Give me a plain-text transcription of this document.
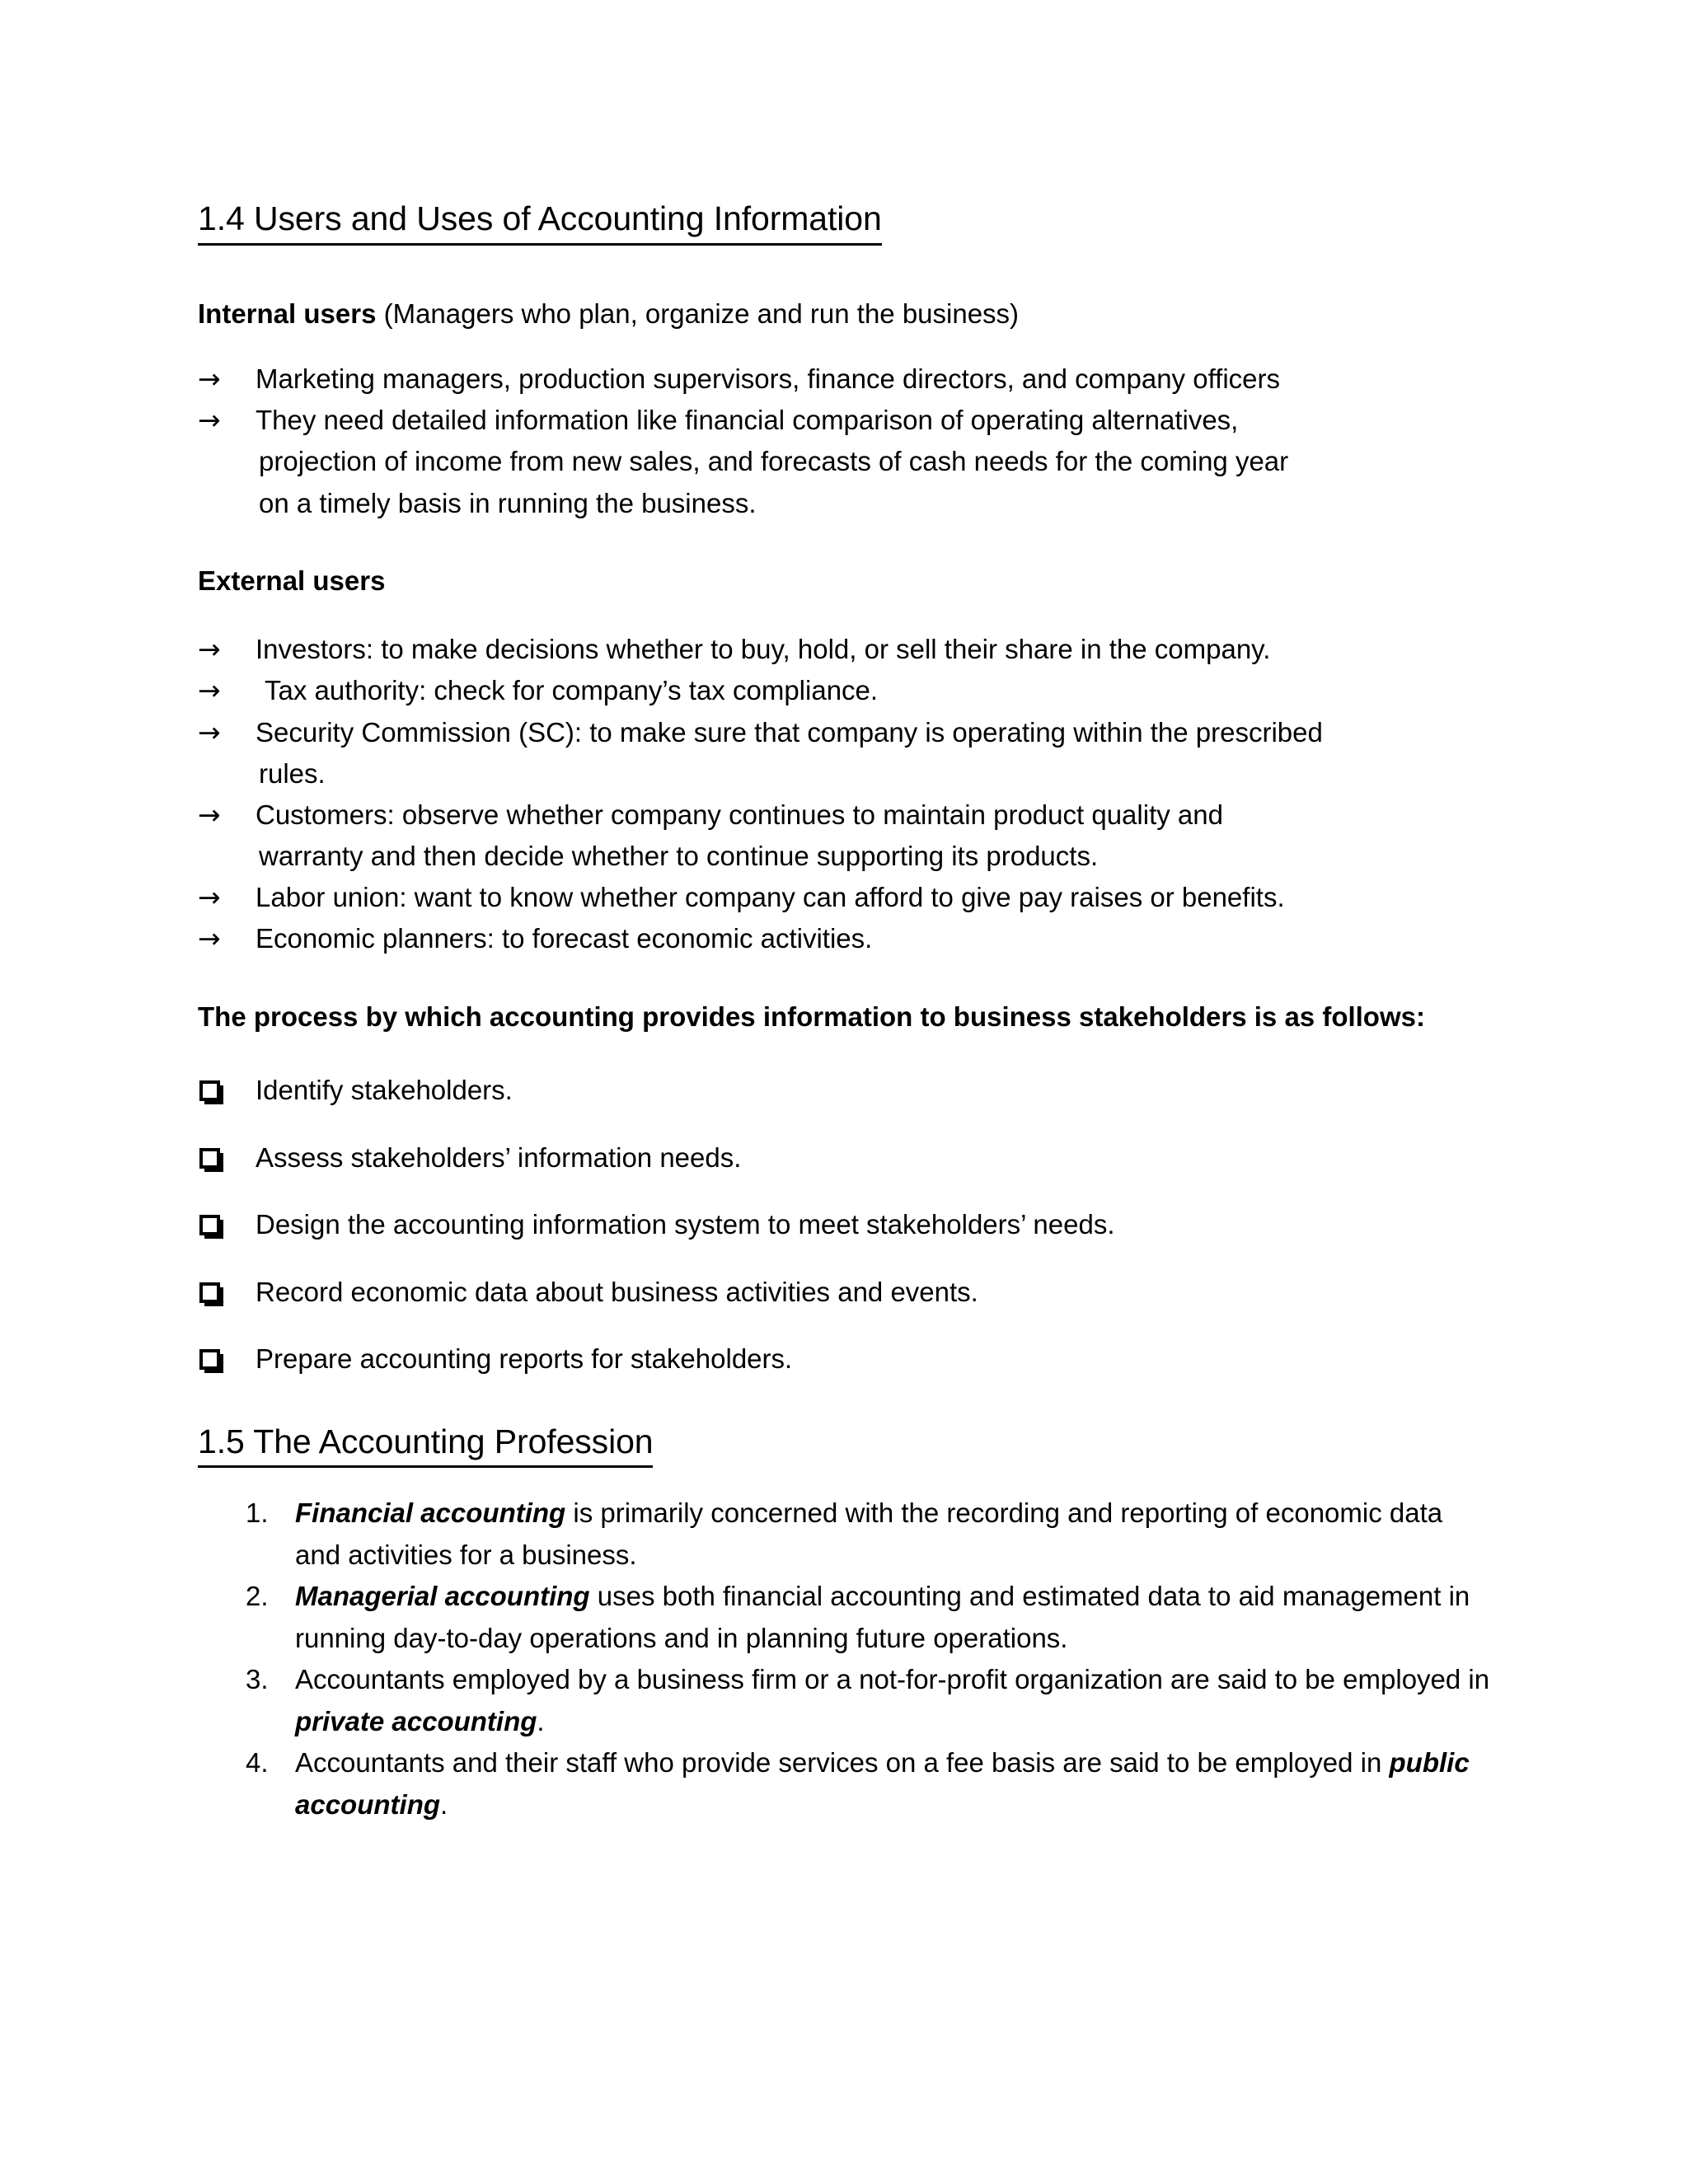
1.4 Users and Uses of Accounting Information

Internal users (Managers who plan, organize and run the business)

→ Marketing managers, production supervisors, finance directors, and company officers
→ They need detailed information like financial comparison of operating alternatives,
projection of income from new sales, and forecasts of cash needs for the coming year
on a timely basis in running the business.

External users

→ Investors: to make decisions whether to buy, hold, or sell their share in the company.
→ Tax authority: check for company’s tax compliance.
→ Security Commission (SC): to make sure that company is operating within the prescribed
rules.
→ Customers: observe whether company continues to maintain product quality and
warranty and then decide whether to continue supporting its products.
→ Labor union: want to know whether company can afford to give pay raises or benefits.
→ Economic planners: to forecast economic activities.

The process by which accounting provides information to business stakeholders is as follows:

Identify stakeholders.
Assess stakeholders’ information needs.
Design the accounting information system to meet stakeholders’ needs.
Record economic data about business activities and events.
Prepare accounting reports for stakeholders.
1.5 The Accounting Profession
1. Financial accounting is primarily concerned with the recording and reporting of economic data and activities for a business.
2. Managerial accounting uses both financial accounting and estimated data to aid management in running day-to-day operations and in planning future operations.
3. Accountants employed by a business firm or a not-for-profit organization are said to be employed in private accounting.
4. Accountants and their staff who provide services on a fee basis are said to be employed in public accounting.
